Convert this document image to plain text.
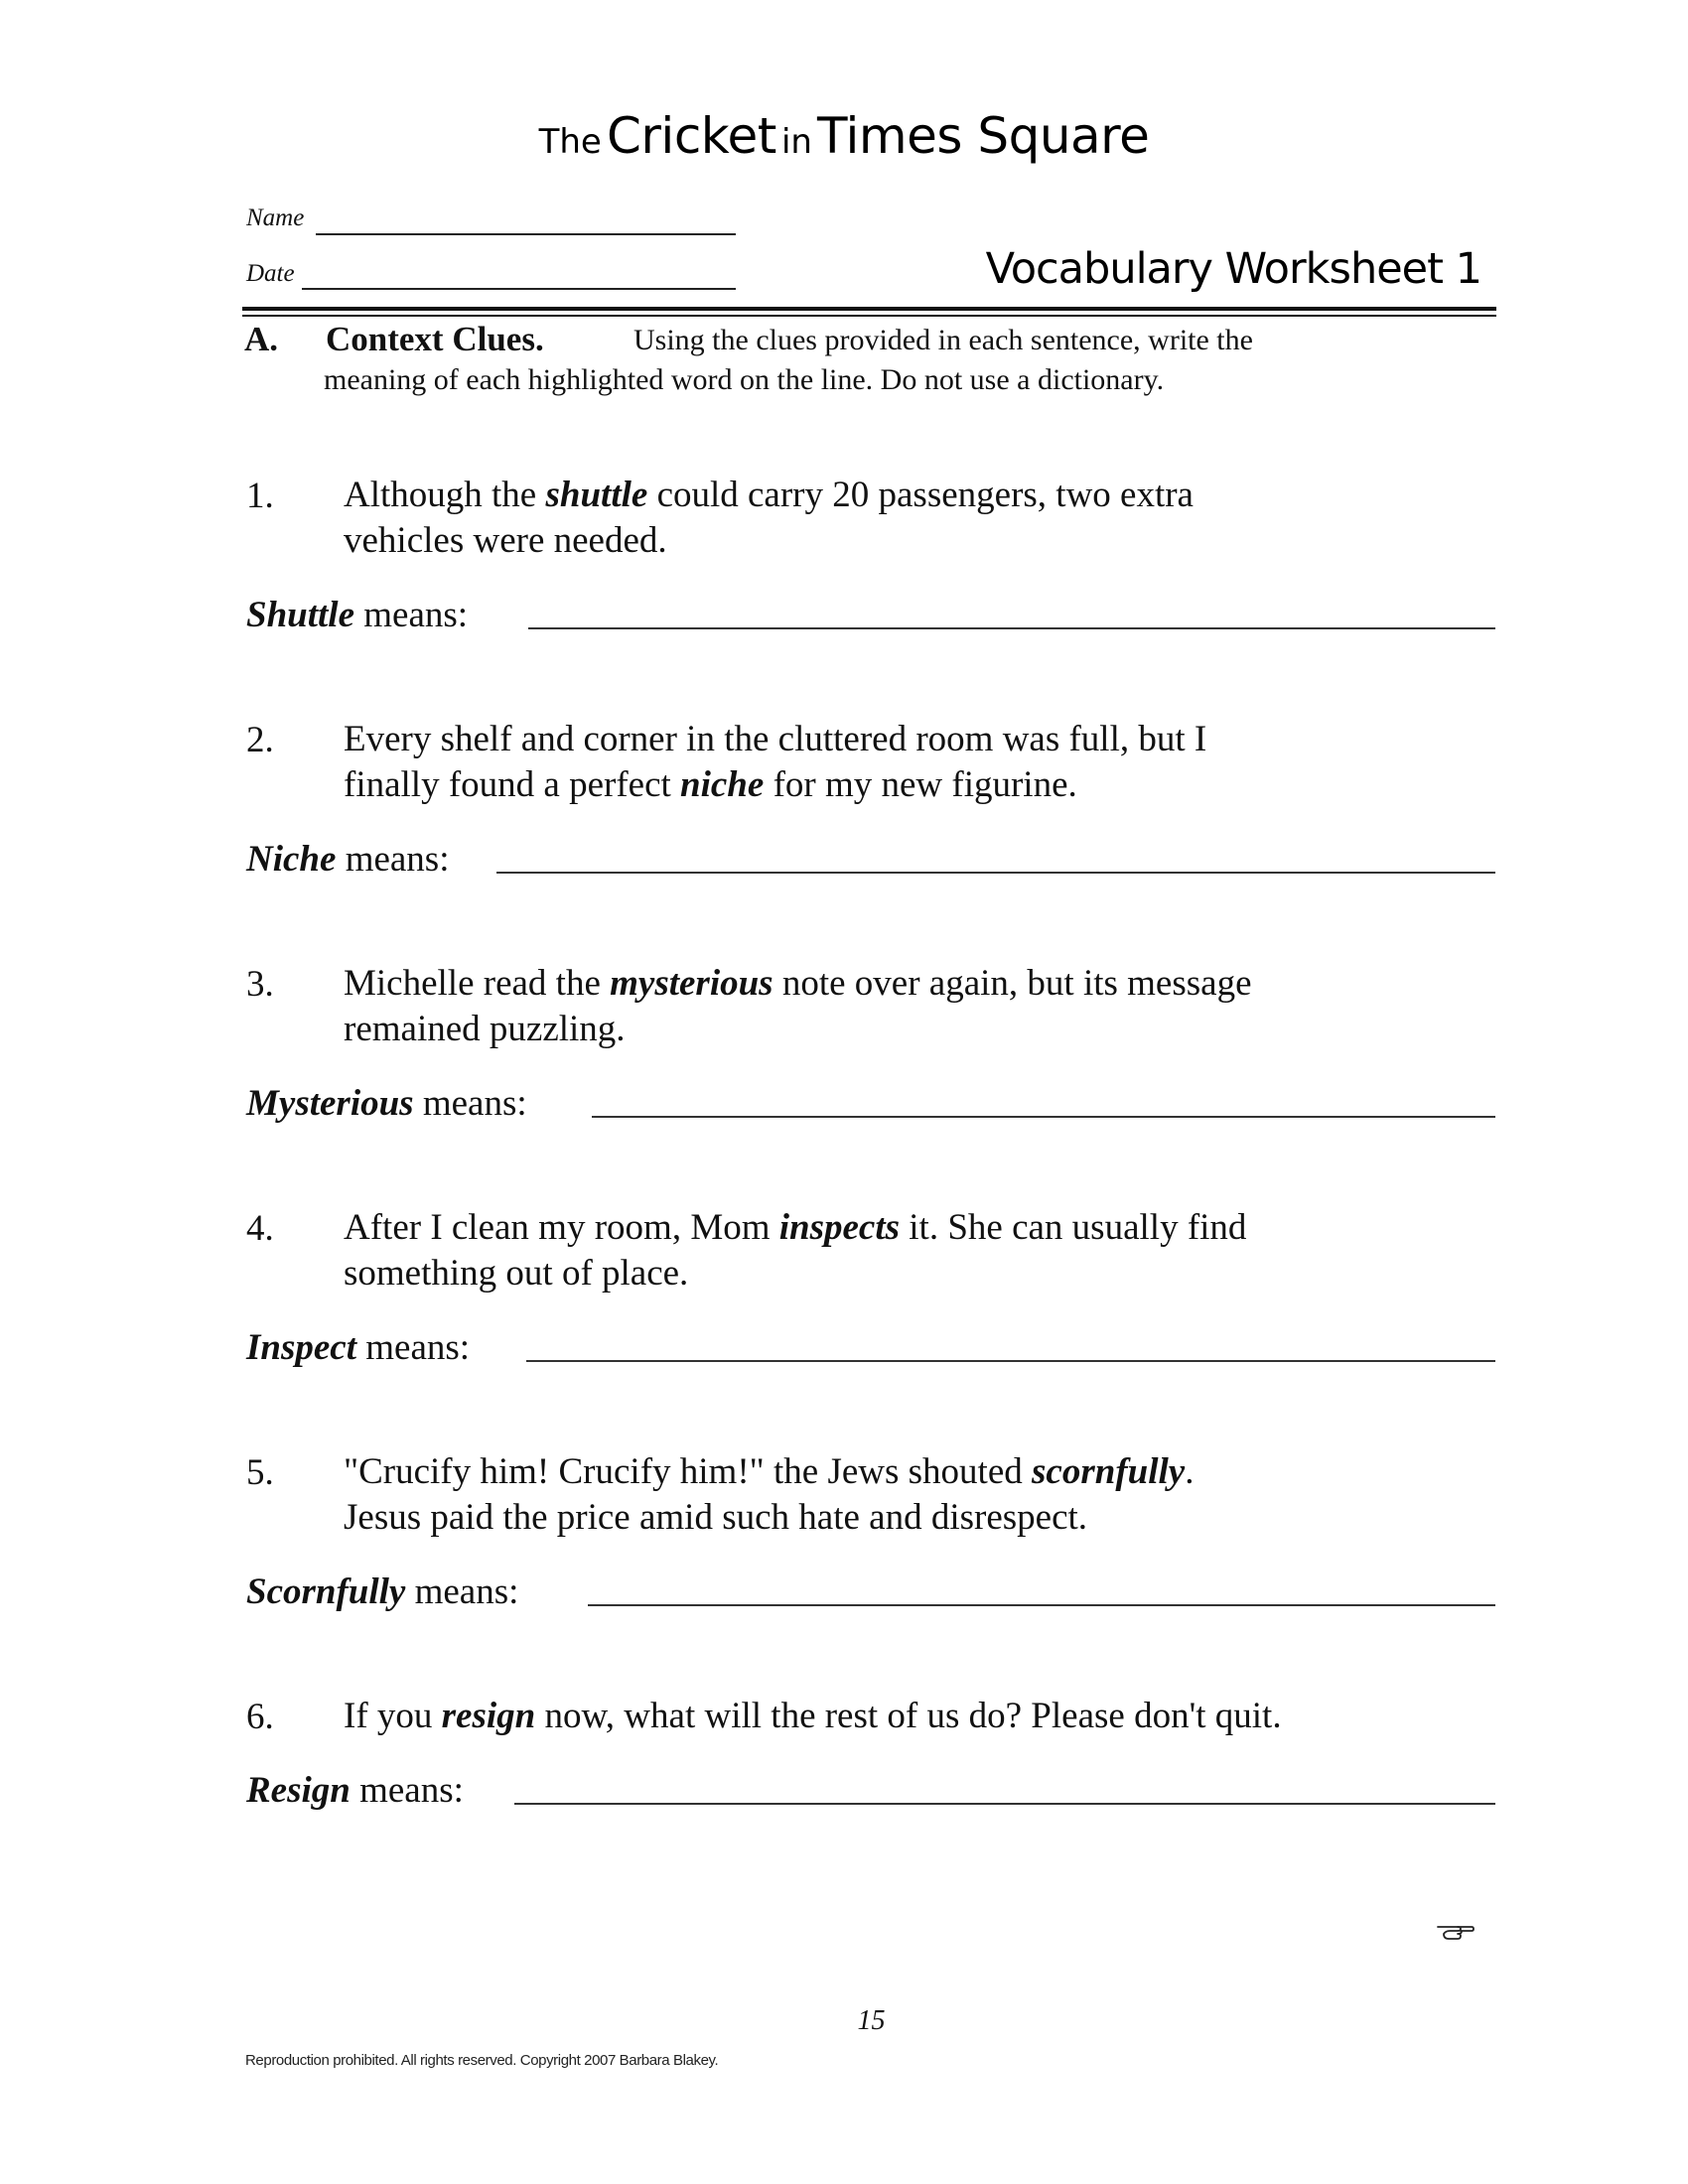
The Cricket in Times Square
Name
Date	Vocabulary Worksheet 1
A. Context Clues.	Using the clues provided in each sentence, write the
meaning of each highlighted word on the line. Do not use a dictionary.
1. Although the shuttle could carry 20 passengers, two extra
vehicles were needed.
Shuttle means:
2. Every shelf and corner in the cluttered room was full, but I
finally found a perfect niche for my new figurine.
Niche means:
3. Michelle read the mysterious note over again, but its message
remained puzzling.
Mysterious means:
4. After I clean my room, Mom inspects it. She can usually find
something out of place.
Inspect means:
5. "Crucify him! Crucify him!" the Jews shouted scornfully.
Jesus paid the price amid such hate and disrespect.
Scornfully means:
6. If you resign now, what will the rest of us do? Please don't quit.
Resign means:
15
Reproduction prohibited. All rights reserved. Copyright 2007 Barbara Blakey.
